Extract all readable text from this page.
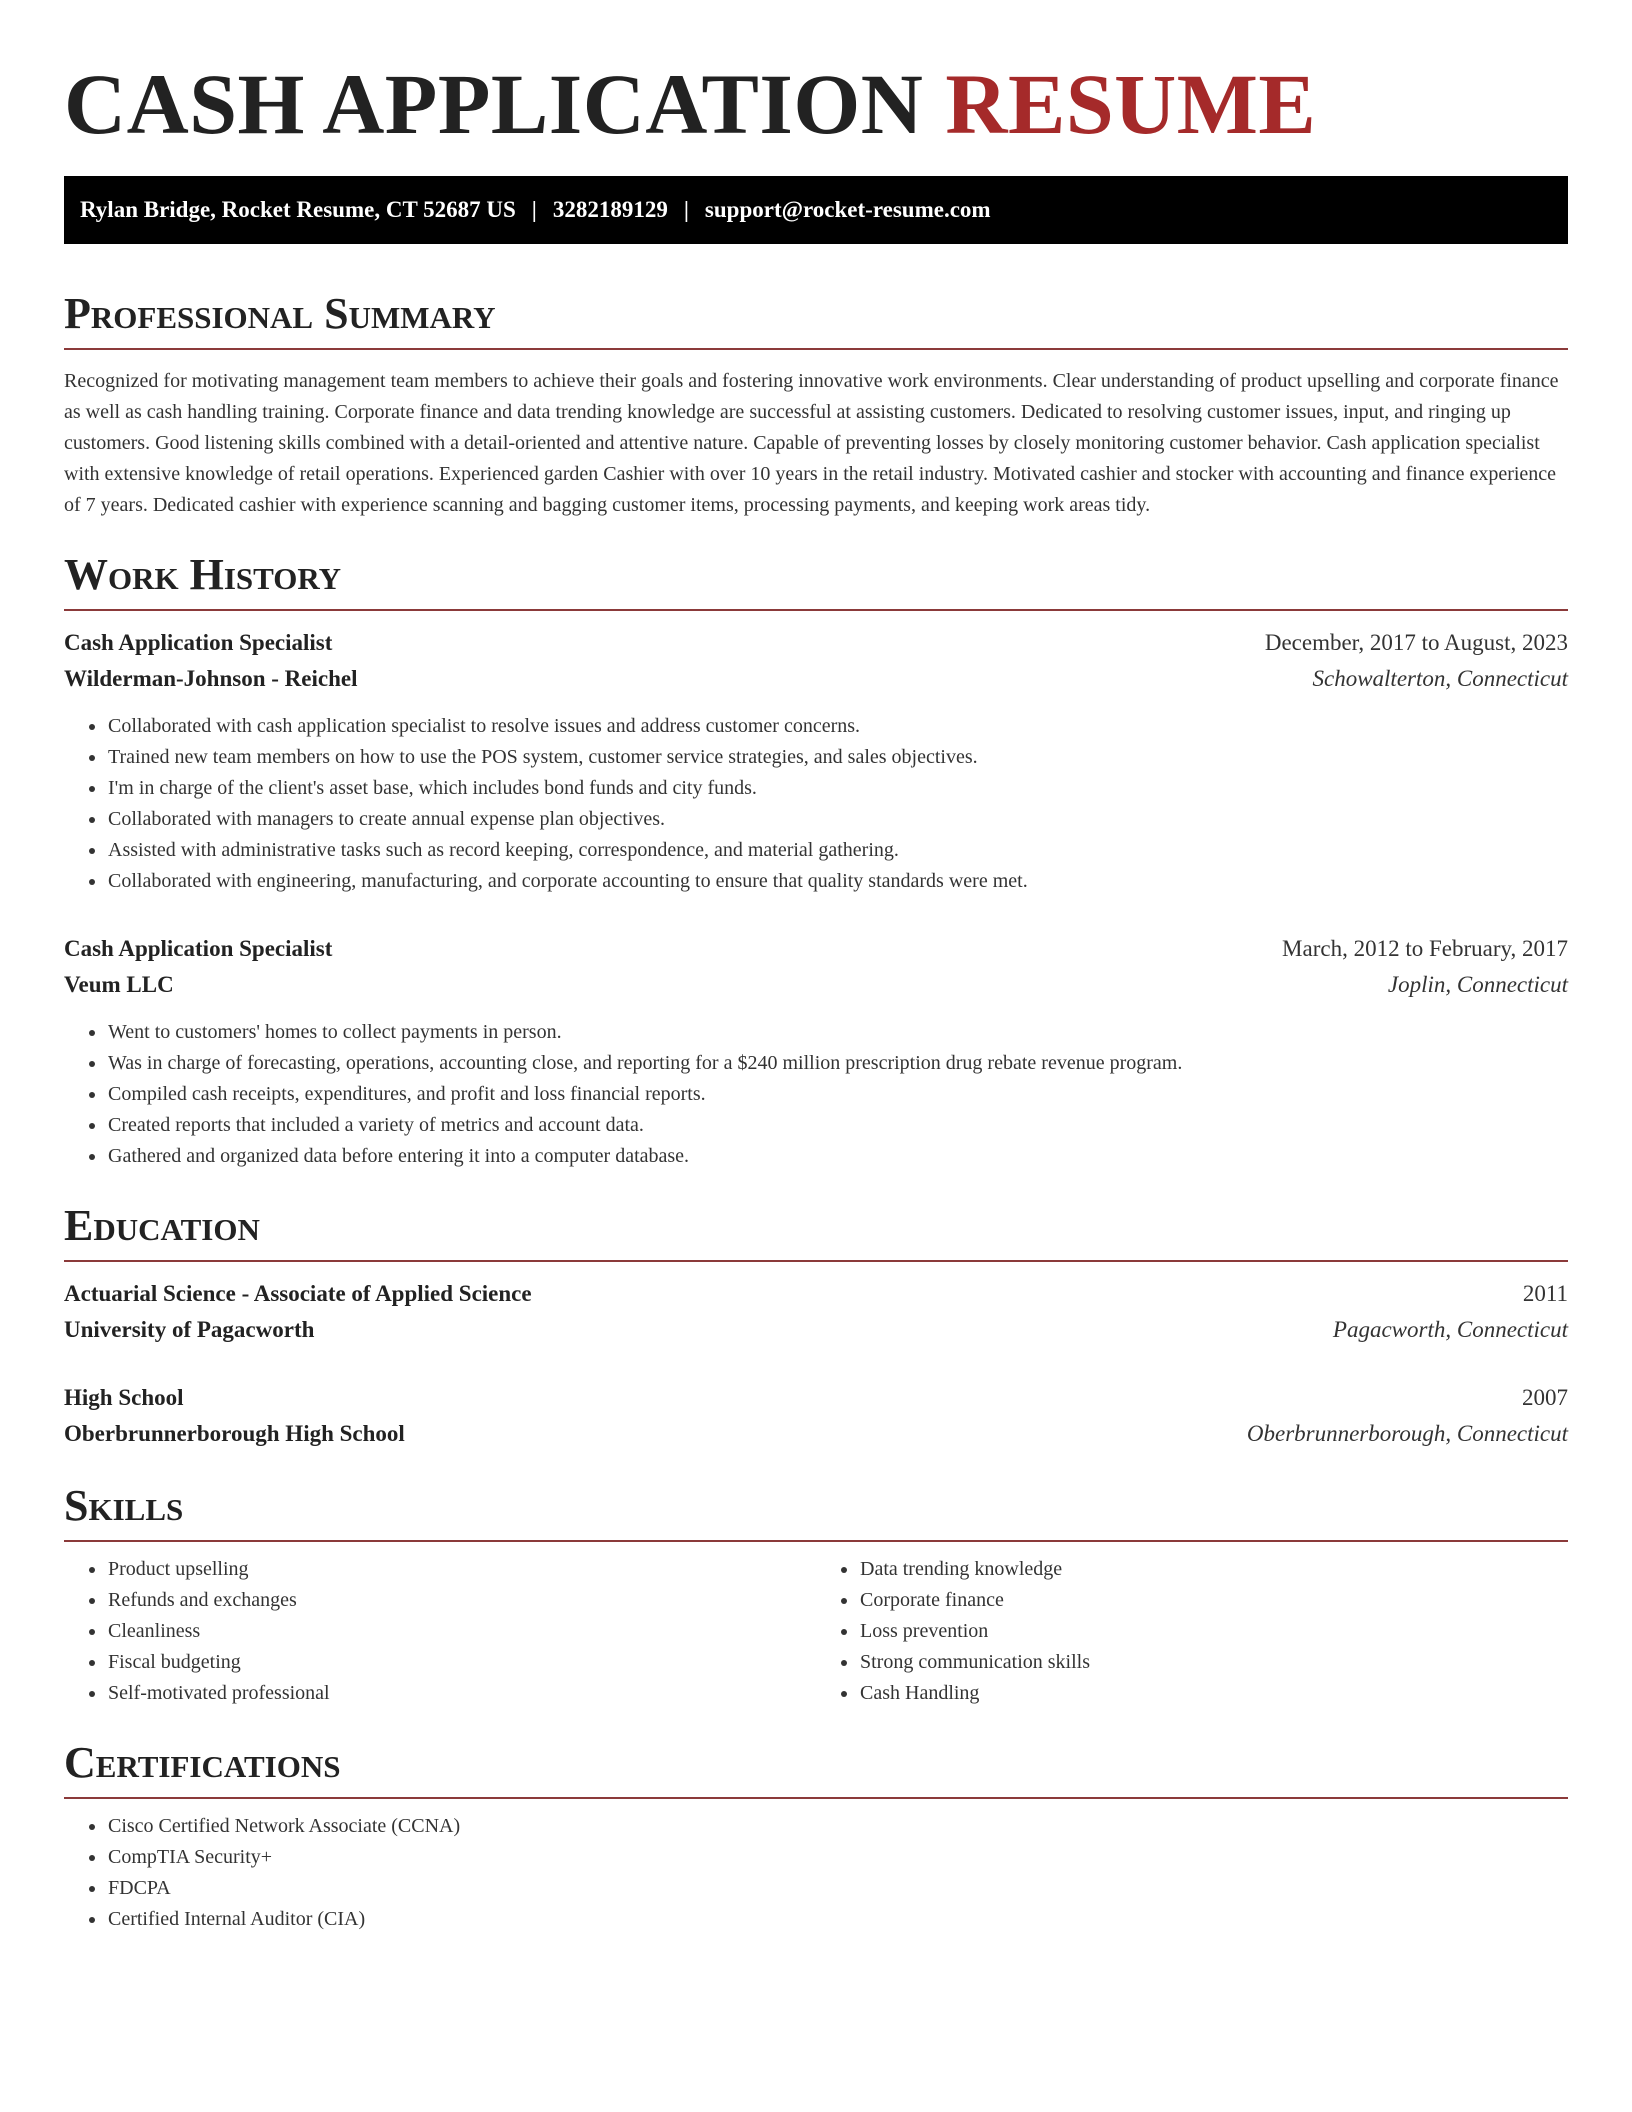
CASH APPLICATION RESUME
Rylan Bridge, Rocket Resume, CT 52687 US | 3282189129 | support@rocket-resume.com
Professional Summary
Recognized for motivating management team members to achieve their goals and fostering innovative work environments. Clear understanding of product upselling and corporate finance as well as cash handling training. Corporate finance and data trending knowledge are successful at assisting customers. Dedicated to resolving customer issues, input, and ringing up customers. Good listening skills combined with a detail-oriented and attentive nature. Capable of preventing losses by closely monitoring customer behavior. Cash application specialist with extensive knowledge of retail operations. Experienced garden Cashier with over 10 years in the retail industry. Motivated cashier and stocker with accounting and finance experience of 7 years. Dedicated cashier with experience scanning and bagging customer items, processing payments, and keeping work areas tidy.
Work History
Cash Application Specialist	December, 2017 to August, 2023
Wilderman-Johnson - Reichel	Schowalterton, Connecticut
• Collaborated with cash application specialist to resolve issues and address customer concerns.
• Trained new team members on how to use the POS system, customer service strategies, and sales objectives.
• I'm in charge of the client's asset base, which includes bond funds and city funds.
• Collaborated with managers to create annual expense plan objectives.
• Assisted with administrative tasks such as record keeping, correspondence, and material gathering.
• Collaborated with engineering, manufacturing, and corporate accounting to ensure that quality standards were met.
Cash Application Specialist	March, 2012 to February, 2017
Veum LLC	Joplin, Connecticut
• Went to customers' homes to collect payments in person.
• Was in charge of forecasting, operations, accounting close, and reporting for a $240 million prescription drug rebate revenue program.
• Compiled cash receipts, expenditures, and profit and loss financial reports.
• Created reports that included a variety of metrics and account data.
• Gathered and organized data before entering it into a computer database.
Education
Actuarial Science - Associate of Applied Science	2011
University of Pagacworth	Pagacworth, Connecticut
High School	2007
Oberbrunnerborough High School	Oberbrunnerborough, Connecticut
Skills
• Product upselling
• Refunds and exchanges
• Cleanliness
• Fiscal budgeting
• Self-motivated professional
• Data trending knowledge
• Corporate finance
• Loss prevention
• Strong communication skills
• Cash Handling
Certifications
• Cisco Certified Network Associate (CCNA)
• CompTIA Security+
• FDCPA
• Certified Internal Auditor (CIA)
